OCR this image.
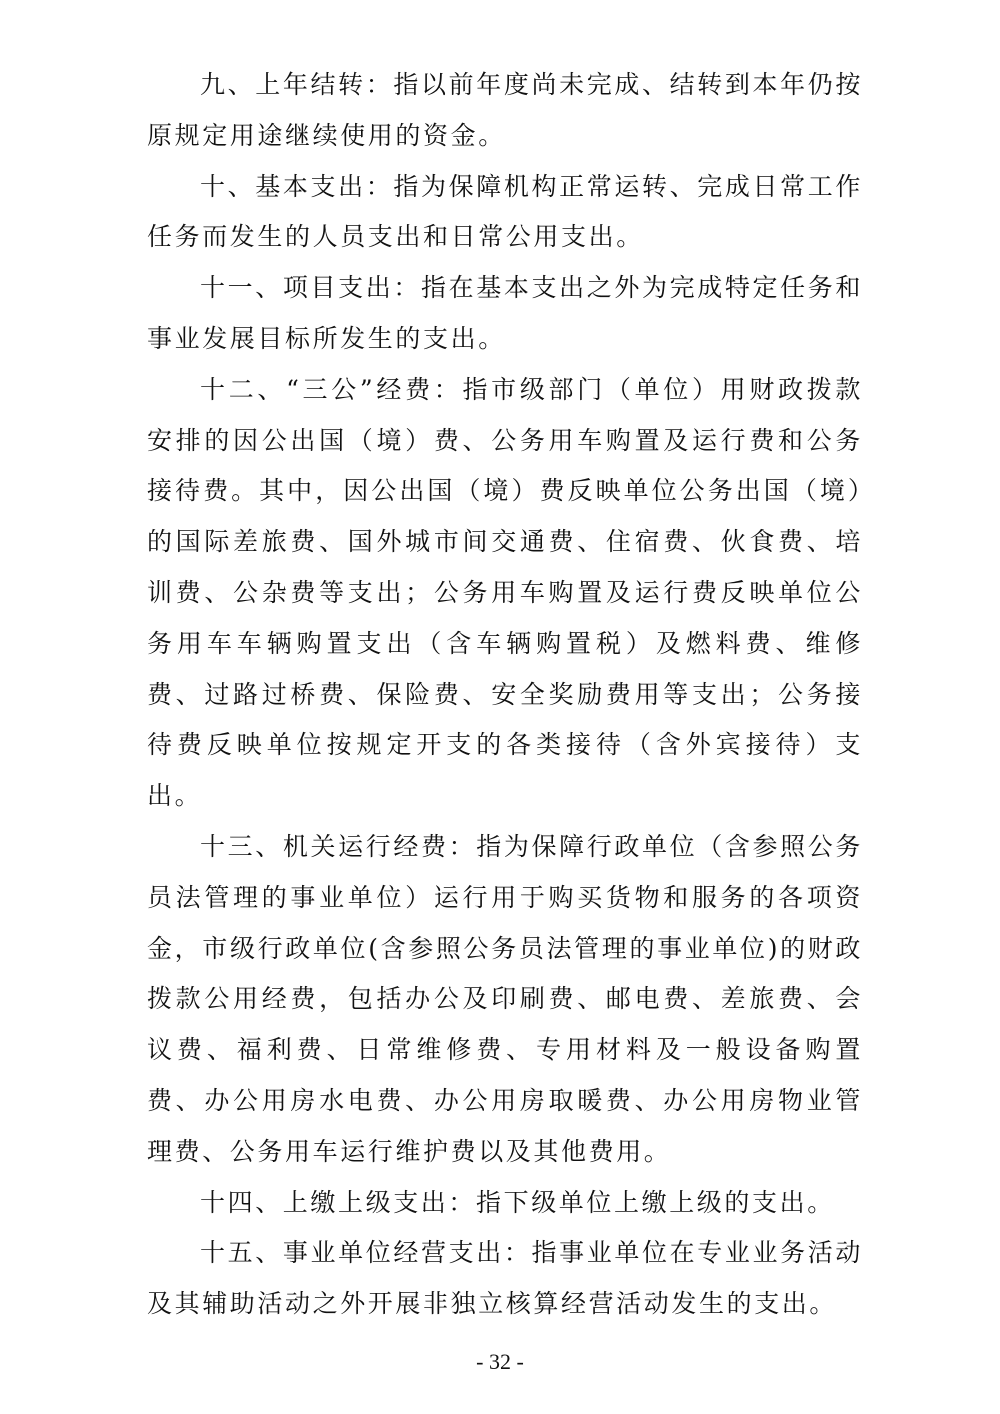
九、上年结转：指以前年度尚未完成、结转到本年仍按原规定用途继续使用的资金。

十、基本支出：指为保障机构正常运转、完成日常工作任务而发生的人员支出和日常公用支出。

十一、项目支出：指在基本支出之外为完成特定任务和事业发展目标所发生的支出。

十二、“三公”经费：指市级部门（单位）用财政拨款安排的因公出国（境）费、公务用车购置及运行费和公务接待费。其中，因公出国（境）费反映单位公务出国（境）的国际差旅费、国外城市间交通费、住宿费、伙食费、培训费、公杂费等支出；公务用车购置及运行费反映单位公务用车车辆购置支出（含车辆购置税）及燃料费、维修费、过路过桥费、保险费、安全奖励费用等支出；公务接待费反映单位按规定开支的各类接待（含外宾接待）支出。

十三、机关运行经费：指为保障行政单位（含参照公务员法管理的事业单位）运行用于购买货物和服务的各项资金，市级行政单位(含参照公务员法管理的事业单位)的财政拨款公用经费，包括办公及印刷费、邮电费、差旅费、会议费、福利费、日常维修费、专用材料及一般设备购置费、办公用房水电费、办公用房取暖费、办公用房物业管理费、公务用车运行维护费以及其他费用。

十四、上缴上级支出：指下级单位上缴上级的支出。

十五、事业单位经营支出：指事业单位在专业业务活动及其辅助活动之外开展非独立核算经营活动发生的支出。

- 32 -
